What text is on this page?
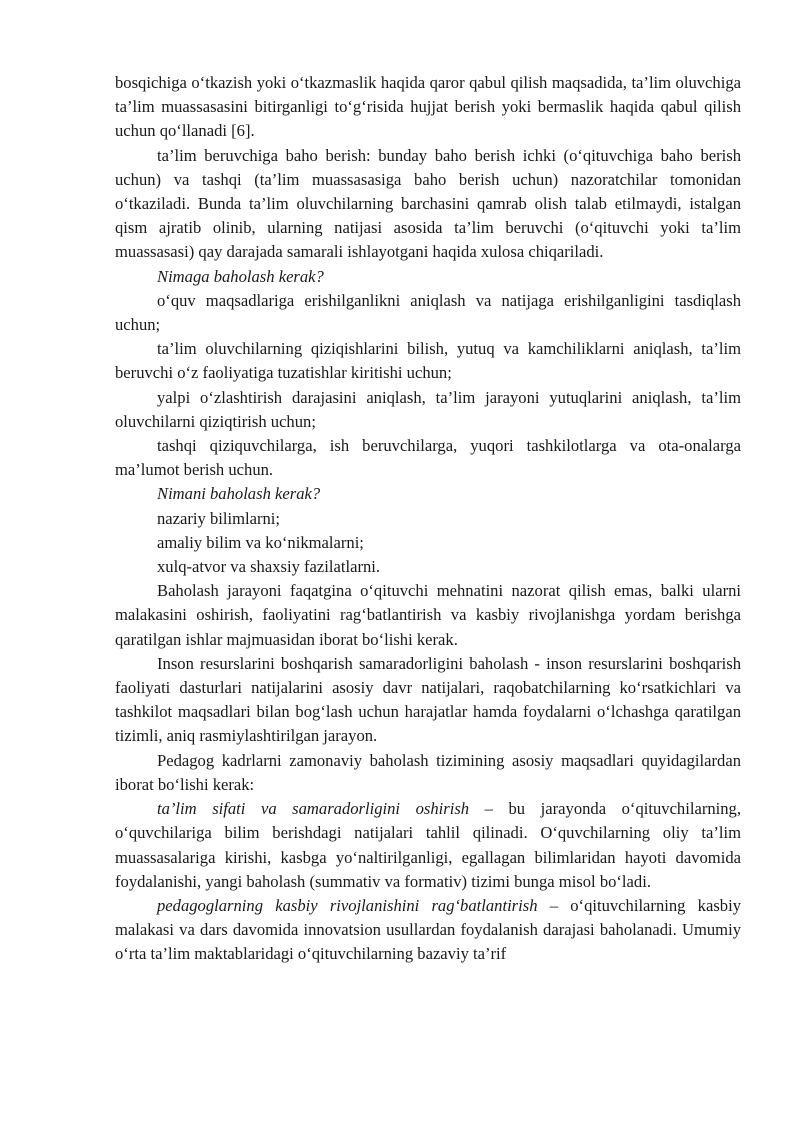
bosqichiga o‘tkazish yoki o‘tkazmaslik haqida qaror qabul qilish maqsadida, ta’lim oluvchiga ta’lim muassasasini bitirganligi to‘g‘risida hujjat berish yoki bermaslik haqida qabul qilish uchun qo‘llanadi [6].

ta’lim beruvchiga baho berish: bunday baho berish ichki (o‘qituvchiga baho berish uchun) va tashqi (ta’lim muassasasiga baho berish uchun) nazoratchilar tomonidan o‘tkaziladi. Bunda ta’lim oluvchilarning barchasini qamrab olish talab etilmaydi, istalgan qism ajratib olinib, ularning natijasi asosida ta’lim beruvchi (o‘qituvchi yoki ta’lim muassasasi) qay darajada samarali ishlayotgani haqida xulosa chiqariladi.

Nimaga baholash kerak?

o‘quv maqsadlariga erishilganlikni aniqlash va natijaga erishilganligini tasdiqlash uchun;

ta’lim oluvchilarning qiziqishlarini bilish, yutuq va kamchiliklarni aniqlash, ta’lim beruvchi o‘z faoliyatiga tuzatishlar kiritishi uchun;

yalpi o‘zlashtirish darajasini aniqlash, ta’lim jarayoni yutuqlarini aniqlash, ta’lim oluvchilarni qiziqtirish uchun;

tashqi qiziquvchilarga, ish beruvchilarga, yuqori tashkilotlarga va ota-onalarga ma’lumot berish uchun.

Nimani baholash kerak?

nazariy bilimlarni;

amaliy bilim va ko‘nikmalarni;

xulq-atvor va shaxsiy fazilatlarni.

Baholash jarayoni faqatgina o‘qituvchi mehnatini nazorat qilish emas, balki ularni malakasini oshirish, faoliyatini rag‘batlantirish va kasbiy rivojlanishga yordam berishga qaratilgan ishlar majmuasidan iborat bo‘lishi kerak.

Inson resurslarini boshqarish samaradorligini baholash - inson resurslarini boshqarish faoliyati dasturlari natijalarini asosiy davr natijalari, raqobatchilarning ko‘rsatkichlari va tashkilot maqsadlari bilan bog‘lash uchun harajatlar hamda foydalarni o‘lchashga qaratilgan tizimli, aniq rasmiylashtirilgan jarayon.

Pedagog kadrlarni zamonaviy baholash tizimining asosiy maqsadlari quyidagilardan iborat bo‘lishi kerak:

ta’lim sifati va samaradorligini oshirish – bu jarayonda o‘qituvchilarning, o‘quvchilariga bilim berishdagi natijalari tahlil qilinadi. O‘quvchilarning oliy ta’lim muassasalariga kirishi, kasbga yo‘naltirilganligi, egallagan bilimlaridan hayoti davomida foydalanishi, yangi baholash (summativ va formativ) tizimi bunga misol bo‘ladi.

pedagoglarning kasbiy rivojlanishini rag‘batlantirish – o‘qituvchilarning kasbiy malakasi va dars davomida innovatsion usullardan foydalanish darajasi baholanadi. Umumiy o‘rta ta’lim maktablaridagi o‘qituvchilarning bazaviy ta’rif
